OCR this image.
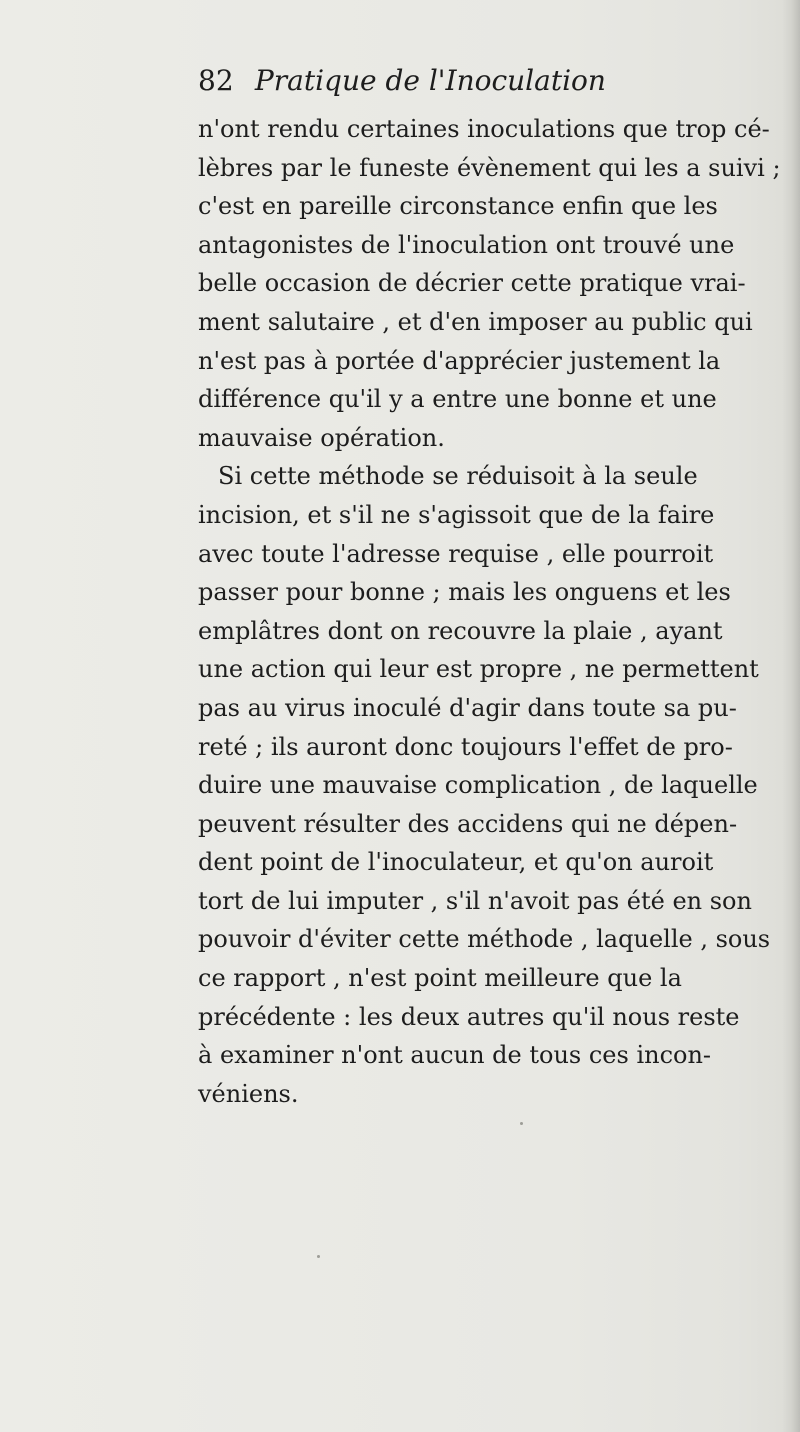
82 Pratique de l'Inoculation
n'ont rendu certaines inoculations que trop cé-
lèbres par le funeste évènement qui les a suivi ;
c'est en pareille circonstance enfin que les
antagonistes de l'inoculation ont trouvé une
belle occasion de décrier cette pratique vrai-
ment salutaire , et d'en imposer au public qui
n'est pas à portée d'apprécier justement la
différence qu'il y a entre une bonne et une
mauvaise opération.
Si cette méthode se réduisoit à la seule
incision, et s'il ne s'agissoit que de la faire
avec toute l'adresse requise , elle pourroit
passer pour bonne ; mais les onguens et les
emplâtres dont on recouvre la plaie , ayant
une action qui leur est propre , ne permettent
pas au virus inoculé d'agir dans toute sa pu-
reté ; ils auront donc toujours l'effet de pro-
duire une mauvaise complication , de laquelle
peuvent résulter des accidens qui ne dépen-
dent point de l'inoculateur, et qu'on auroit
tort de lui imputer , s'il n'avoit pas été en son
pouvoir d'éviter cette méthode , laquelle , sous
ce rapport , n'est point meilleure que la
précédente : les deux autres qu'il nous reste
à examiner n'ont aucun de tous ces incon-
véniens.
